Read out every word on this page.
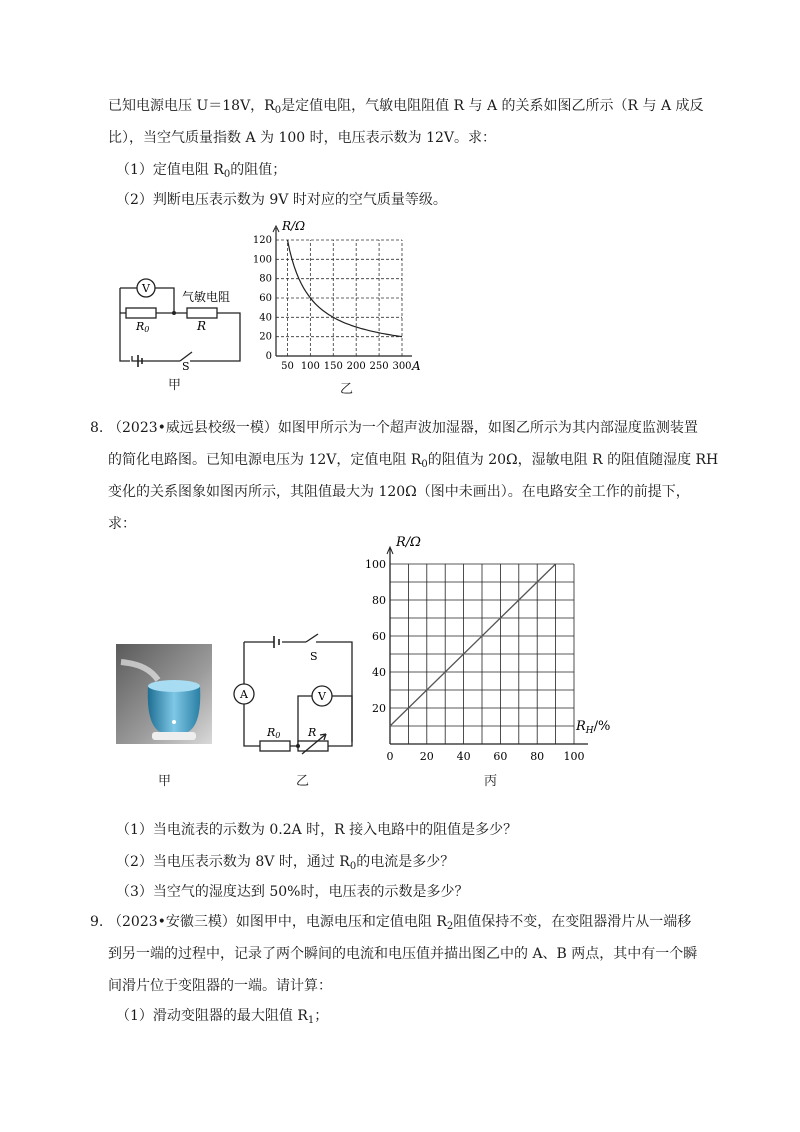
已知电源电压 U＝18V，$R_0$是定值电阻，气敏电阻阻值 R 与 A 的关系如图乙所示（R 与 A 成反
比），当空气质量指数 A 为 100 时，电压表示数为 12V。求：
（1）定值电阻 $R_0$的阻值；
（2）判断电压表示数为 9V 时对应的空气质量等级。
V
气敏电阻
R0	R
S
甲
50 100 150 200 250 300
0
20
40
60
80
100
120
R/Ω
A
乙
8. （2023•威远县校级一模）如图甲所示为一个超声波加湿器，如图乙所示为其内部湿度监测装置
的简化电路图。已知电源电压为 12V，定值电阻 $R_0$的阻值为 20Ω，湿敏电阻 R 的阻值随湿度 RH
变化的关系图象如图丙所示，其阻值最大为 120Ω（图中未画出）。在电路安全工作的前提下，
求：
甲
A	V
S
R0	R
乙
0 20 40 60 80 100
20
40
60
80
100
R/Ω
$R_H/\%$
丙
（1）当电流表的示数为 0.2A 时，R 接入电路中的阻值是多少？
（2）当电压表示数为 8V 时，通过 $R_0$的电流是多少？
（3）当空气的湿度达到 50%时，电压表的示数是多少？
9. （2023•安徽三模）如图甲中，电源电压和定值电阻 $R_2$阻值保持不变，在变阻器滑片从一端移
到另一端的过程中，记录了两个瞬间的电流和电压值并描出图乙中的 A、B 两点，其中有一个瞬
间滑片位于变阻器的一端。请计算：
（1）滑动变阻器的最大阻值 $R_1$；
